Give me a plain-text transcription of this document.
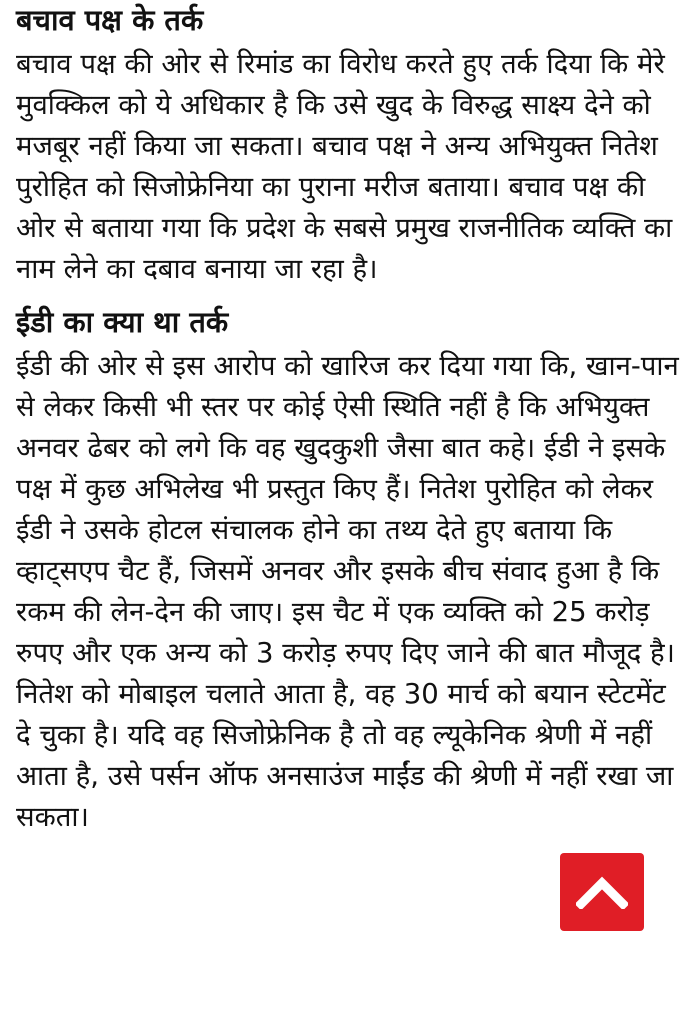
बचाव पक्ष के तर्क

बचाव पक्ष की ओर से रिमांड का विरोध करते हुए तर्क दिया कि मेरे मुवक्किल को ये अधिकार है कि उसे खुद के विरुद्ध साक्ष्य देने को मजबूर नहीं किया जा सकता। बचाव पक्ष ने अन्य अभियुक्त नितेश पुरोहित को सिजोफ्रेनिया का पुराना मरीज बताया। बचाव पक्ष की ओर से बताया गया कि प्रदेश के सबसे प्रमुख राजनीतिक व्यक्ति का नाम लेने का दबाव बनाया जा रहा है।

ईडी का क्या था तर्क

ईडी की ओर से इस आरोप को खारिज कर दिया गया कि, खान-पान से लेकर किसी भी स्तर पर कोई ऐसी स्थिति नहीं है कि अभियुक्त अनवर ढेबर को लगे कि वह खुदकुशी जैसा बात कहे। ईडी ने इसके पक्ष में कुछ अभिलेख भी प्रस्तुत किए हैं। नितेश पुरोहित को लेकर ईडी ने उसके होटल संचालक होने का तथ्य देते हुए बताया कि व्हाट्सएप चैट हैं, जिसमें अनवर और इसके बीच संवाद हुआ है कि रकम की लेन-देन की जाए। इस चैट में एक व्यक्ति को 25 करोड़ रुपए और एक अन्य को 3 करोड़ रुपए दिए जाने की बात मौजूद है। नितेश को मोबाइल चलाते आता है, वह 30 मार्च को बयान स्टेटमेंट दे चुका है। यदि वह सिजोफ्रेनिक है तो वह ल्यूकेनिक श्रेणी में नहीं आता है, उसे पर्सन ऑफ अनसाउंज माईंड की श्रेणी में नहीं रखा जा सकता।
